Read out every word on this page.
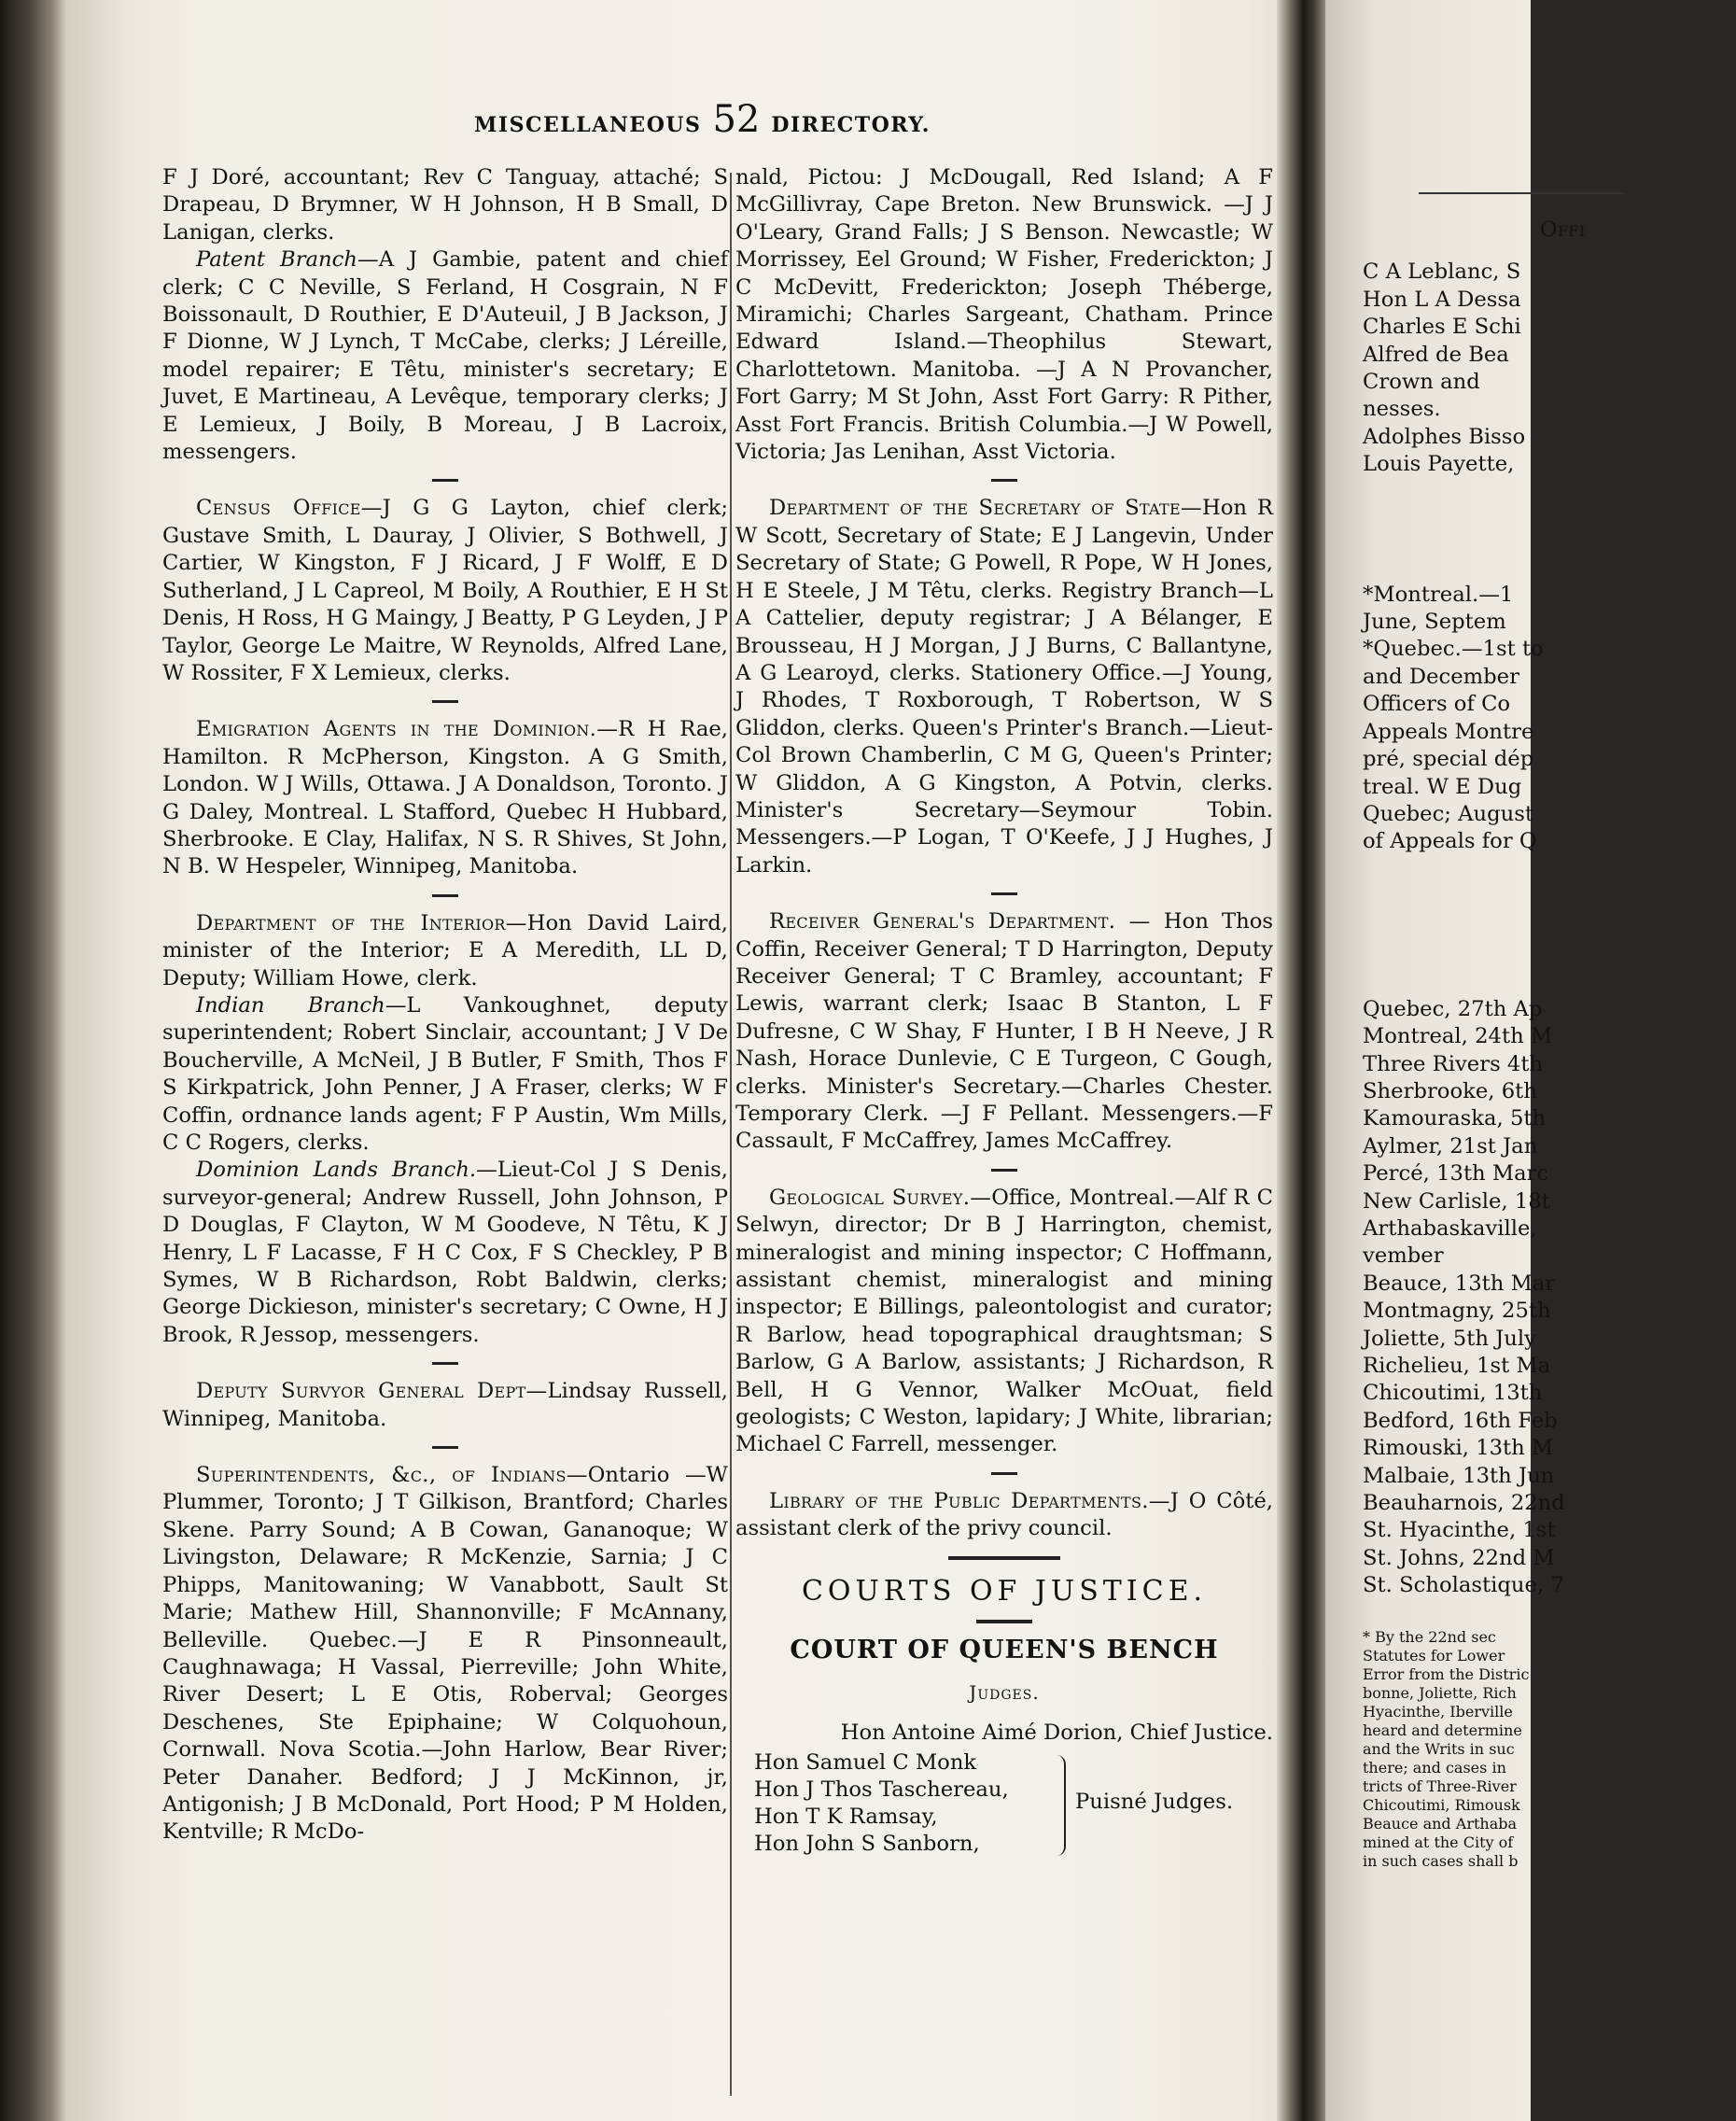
MISCELLANEOUS 52 DIRECTORY.

F J Doré, accountant; Rev C Tanguay, attaché; S Drapeau, D Brymner, W H Johnson, H B Small, D Lanigan, clerks.

Patent Branch—A J Gambie, patent and chief clerk; C C Neville, S Ferland, H Cosgrain, N F Boissonault, D Routhier, E D'Auteuil, J B Jackson, J F Dionne, W J Lynch, T McCabe, clerks; J Léreille, model repairer; E Têtu, minister's secretary; E Juvet, E Martineau, A Levêque, temporary clerks; J E Lemieux, J Boily, B Moreau, J B Lacroix, messengers.

Census Office—J G G Layton, chief clerk; Gustave Smith, L Dauray, J Olivier, S Bothwell, J Cartier, W Kingston, F J Ricard, J F Wolff, E D Sutherland, J L Capreol, M Boily, A Routhier, E H St Denis, H Ross, H G Maingy, J Beatty, P G Leyden, J P Taylor, George Le Maitre, W Reynolds, Alfred Lane, W Rossiter, F X Lemieux, clerks.

Emigration Agents in the Dominion.—R H Rae, Hamilton. R McPherson, Kingston. A G Smith, London. W J Wills, Ottawa. J A Donaldson, Toronto. J G Daley, Montreal. L Stafford, Quebec H Hubbard, Sherbrooke. E Clay, Halifax, N S. R Shives, St John, N B. W Hespeler, Winnipeg, Manitoba.

Department of the Interior—Hon David Laird, minister of the Interior; E A Meredith, LL D, Deputy; William Howe, clerk.

Indian Branch—L Vankoughnet, deputy superintendent; Robert Sinclair, accountant; J V De Boucherville, A McNeil, J B Butler, F Smith, Thos F S Kirkpatrick, John Penner, J A Fraser, clerks; W F Coffin, ordnance lands agent; F P Austin, Wm Mills, C C Rogers, clerks.

Dominion Lands Branch.—Lieut-Col J S Denis, surveyor-general; Andrew Russell, John Johnson, P D Douglas, F Clayton, W M Goodeve, N Têtu, K J Henry, L F Lacasse, F H C Cox, F S Checkley, P B Symes, W B Richardson, Robt Baldwin, clerks; George Dickieson, minister's secretary; C Owne, H J Brook, R Jessop, messengers.

Deputy Survyor General Dept—Lindsay Russell, Winnipeg, Manitoba.

Superintendents, &c., of Indians—Ontario —W Plummer, Toronto; J T Gilkison, Brantford; Charles Skene. Parry Sound; A B Cowan, Gananoque; W Livingston, Delaware; R McKenzie, Sarnia; J C Phipps, Manitowaning; W Vanabbott, Sault St Marie; Mathew Hill, Shannonville; F McAnnany, Belleville. Quebec.—J E R Pinsonneault, Caughnawaga; H Vassal, Pierreville; John White, River Desert; L E Otis, Roberval; Georges Deschenes, Ste Epiphaine; W Colquohoun, Cornwall. Nova Scotia.—John Harlow, Bear River; Peter Danaher. Bedford; J J McKinnon, jr, Antigonish; J B McDonald, Port Hood; P M Holden, Kentville; R McDo-

nald, Pictou: J McDougall, Red Island; A F McGillivray, Cape Breton. New Brunswick. —J J O'Leary, Grand Falls; J S Benson. Newcastle; W Morrissey, Eel Ground; W Fisher, Frederickton; J C McDevitt, Frederickton; Joseph Théberge, Miramichi; Charles Sargeant, Chatham. Prince Edward Island.—Theophilus Stewart, Charlottetown. Manitoba. —J A N Provancher, Fort Garry; M St John, Asst Fort Garry: R Pither, Asst Fort Francis. British Columbia.—J W Powell, Victoria; Jas Lenihan, Asst Victoria.

Department of the Secretary of State—Hon R W Scott, Secretary of State; E J Langevin, Under Secretary of State; G Powell, R Pope, W H Jones, H E Steele, J M Têtu, clerks. Registry Branch—L A Cattelier, deputy registrar; J A Bélanger, E Brousseau, H J Morgan, J J Burns, C Ballantyne, A G Learoyd, clerks. Stationery Office.—J Young, J Rhodes, T Roxborough, T Robertson, W S Gliddon, clerks. Queen's Printer's Branch.—Lieut-Col Brown Chamberlin, C M G, Queen's Printer; W Gliddon, A G Kingston, A Potvin, clerks. Minister's Secretary—Seymour Tobin. Messengers.—P Logan, T O'Keefe, J J Hughes, J Larkin.

Receiver General's Department. — Hon Thos Coffin, Receiver General; T D Harrington, Deputy Receiver General; T C Bramley, accountant; F Lewis, warrant clerk; Isaac B Stanton, L F Dufresne, C W Shay, F Hunter, I B H Neeve, J R Nash, Horace Dunlevie, C E Turgeon, C Gough, clerks. Minister's Secretary.—Charles Chester. Temporary Clerk. —J F Pellant. Messengers.—F Cassault, F McCaffrey, James McCaffrey.

Geological Survey.—Office, Montreal.—Alf R C Selwyn, director; Dr B J Harrington, chemist, mineralogist and mining inspector; C Hoffmann, assistant chemist, mineralogist and mining inspector; E Billings, paleontologist and curator; R Barlow, head topographical draughtsman; S Barlow, G A Barlow, assistants; J Richardson, R Bell, H G Vennor, Walker McOuat, field geologists; C Weston, lapidary; J White, librarian; Michael C Farrell, messenger.

Library of the Public Departments.—J O Côté, assistant clerk of the privy council.

COURTS OF JUSTICE.
COURT OF QUEEN'S BENCH
Judges.
Hon Antoine Aimé Dorion, Chief Justice.
Hon Samuel C Monk
Hon J Thos Taschereau,
Hon T K Ramsay,
Hon John S Sanborn,
Puisné Judges.
Offi
C A Leblanc, S
Hon L A Dessa
Charles E Schi
Alfred de Bea
Crown and
nesses.
Adolphes Bisso
Louis Payette,
*Montreal.—1
June, Septem
*Quebec.—1st to
and December
Officers of Co
Appeals Montre
pré, special dép
treal. W E Dug
Quebec; August
of Appeals for Q
Quebec, 27th Ap
Montreal, 24th M
Three Rivers 4th
Sherbrooke, 6th
Kamouraska, 5th
Aylmer, 21st Jan
Percé, 13th Marc
New Carlisle, 18t
Arthabaskaville,
vember
Beauce, 13th Mar
Montmagny, 25th
Joliette, 5th July
Richelieu, 1st Ma
Chicoutimi, 13th
Bedford, 16th Feb
Rimouski, 13th M
Malbaie, 13th Jun
Beauharnois, 22nd
St. Hyacinthe, 1st
St. Johns, 22nd M
St. Scholastique, 7
* By the 22nd sec
Statutes for Lower
Error from the Distric
bonne, Joliette, Rich
Hyacinthe, Iberville
heard and determine
and the Writs in suc
there; and cases in
tricts of Three-River
Chicoutimi, Rimousk
Beauce and Arthaba
mined at the City of
in such cases shall b
